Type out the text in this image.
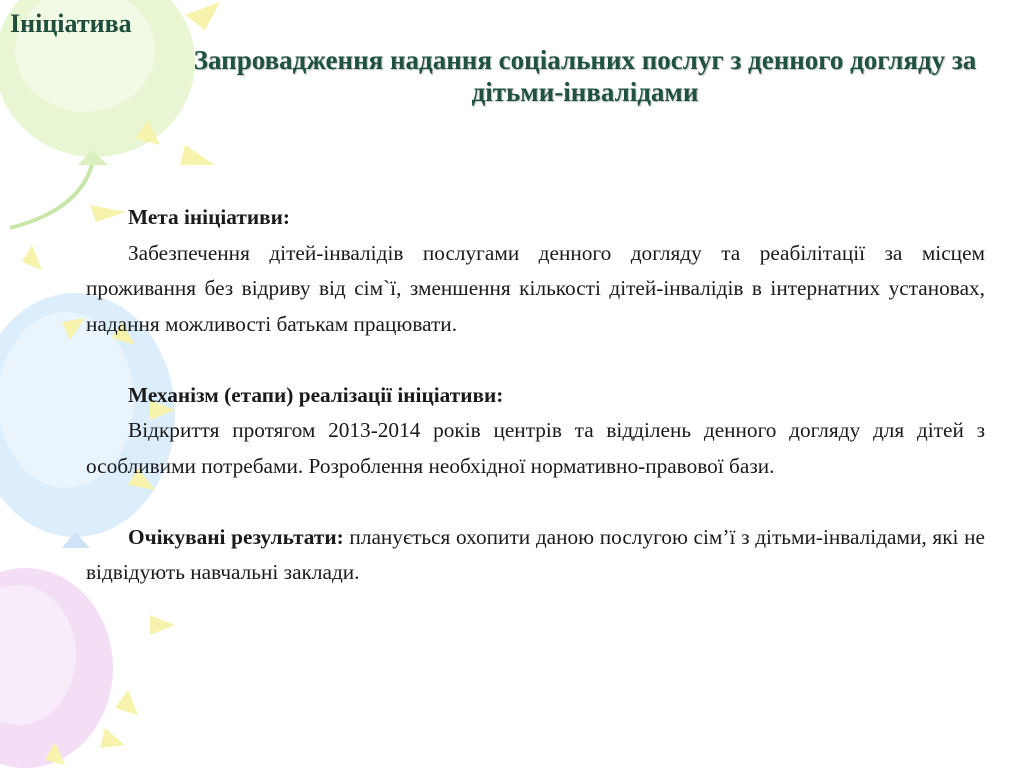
Ініціатива
Запровадження надання соціальних послуг з денного догляду за дітьми-інвалідами

Мета ініціативи:

Забезпечення дітей-інвалідів послугами денного догляду та реабілітації за місцем проживання без відриву від сім`ї, зменшення кількості дітей-інвалідів в інтернатних установах, надання можливості батькам працювати.

Механізм (етапи) реалізації ініціативи:

Відкриття протягом 2013-2014 років центрів та відділень денного догляду для дітей з особливими потребами. Розроблення необхідної нормативно-правової бази.

Очікувані результати: планується охопити даною послугою сім’ї з дітьми-інвалідами, які не відвідують навчальні заклади.
